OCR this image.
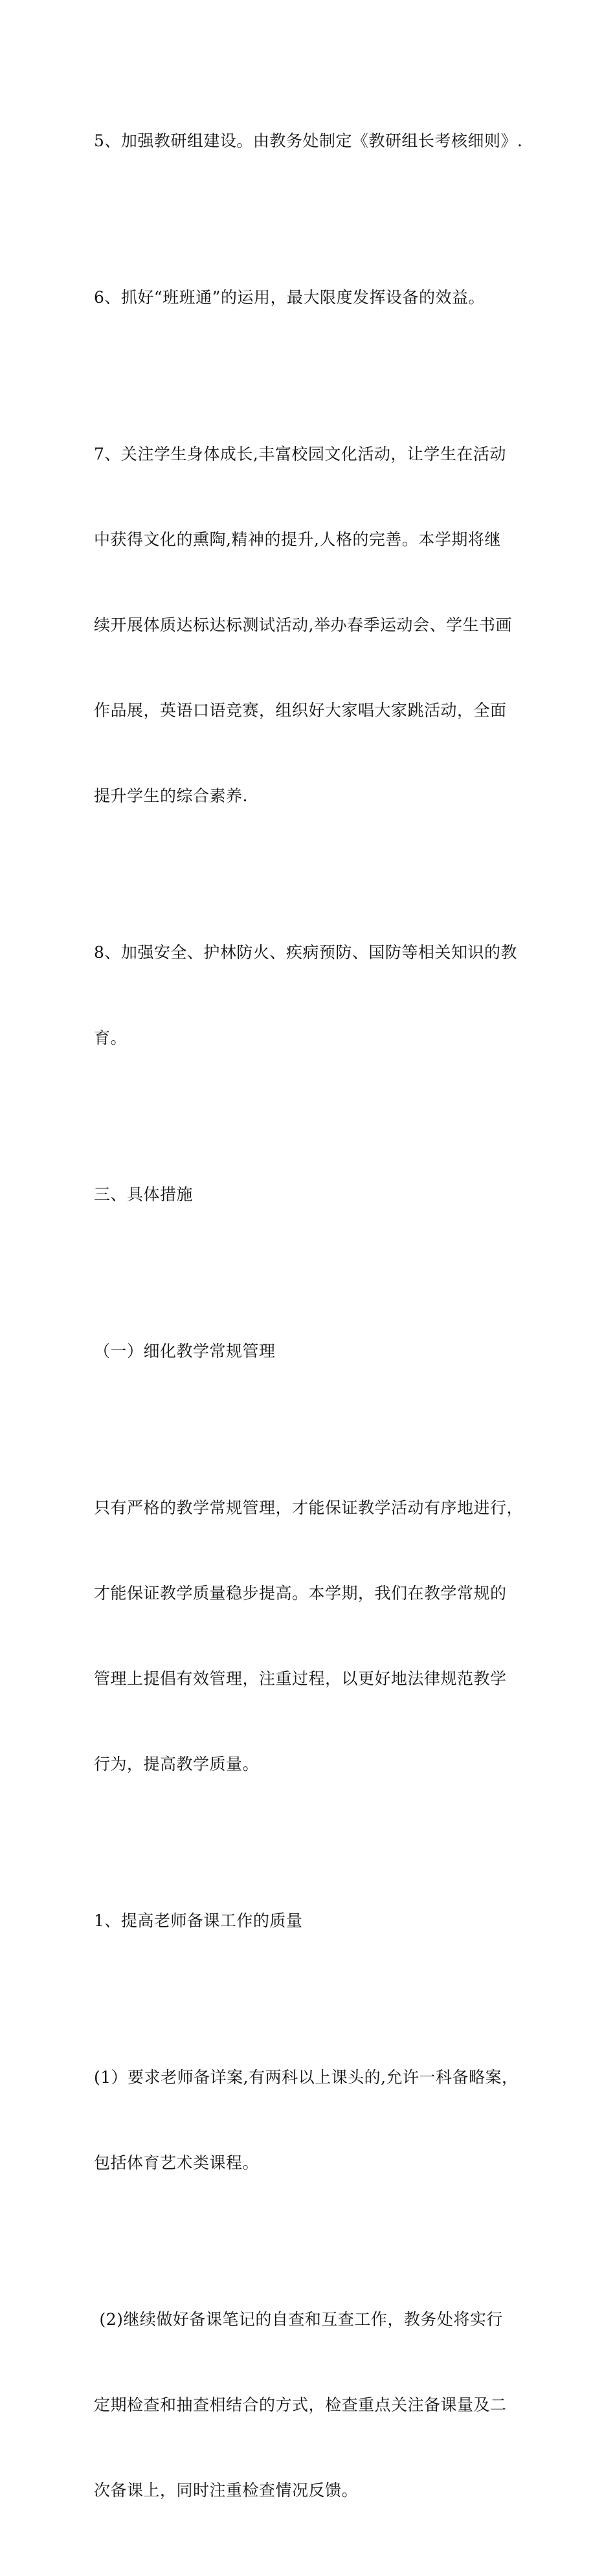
5、加强教研组建设。由教务处制定《教研组长考核细则》.

6、抓好“班班通”的运用，最大限度发挥设备的效益。

7、关注学生身体成长,丰富校园文化活动，让学生在活动

中获得文化的熏陶,精神的提升,人格的完善。本学期将继

续开展体质达标达标测试活动,举办春季运动会、学生书画

作品展，英语口语竞赛，组织好大家唱大家跳活动，全面

提升学生的综合素养.

8、加强安全、护林防火、疾病预防、国防等相关知识的教

育。

三、具体措施

（一）细化教学常规管理

只有严格的教学常规管理，才能保证教学活动有序地进行，

才能保证教学质量稳步提高。本学期，我们在教学常规的

管理上提倡有效管理，注重过程，以更好地法律规范教学

行为，提高教学质量。

1、提高老师备课工作的质量

(1）要求老师备详案,有两科以上课头的,允许一科备略案，

包括体育艺术类课程。

(2)继续做好备课笔记的自查和互查工作，教务处将实行

定期检查和抽查相结合的方式，检查重点关注备课量及二

次备课上，同时注重检查情况反馈。
